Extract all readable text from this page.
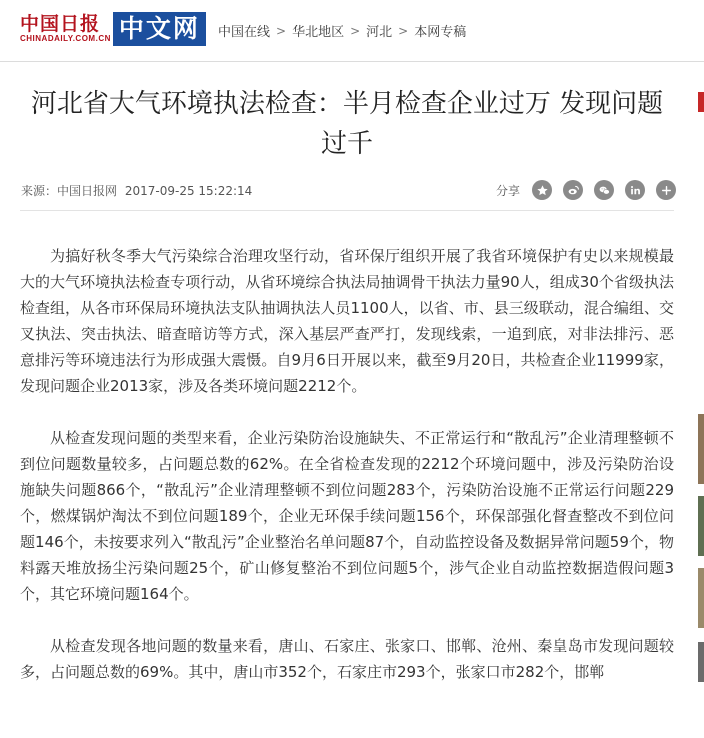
中国日报
CHINADAILY.COM.CN 中文网	中国在线 > 华北地区 > 河北 > 本网专稿
河北省大气环境执法检查：半月检查企业过万 发现问题过千
来源：中国日报网 2017-09-25 15:22:14	分享

为搞好秋冬季大气污染综合治理攻坚行动，省环保厅组织开展了我省环境保护有史以来规模最大的大气环境执法检查专项行动，从省环境综合执法局抽调骨干执法力量90人，组成30个省级执法检查组，从各市环保局环境执法支队抽调执法人员1100人，以省、市、县三级联动，混合编组、交叉执法、突击执法、暗查暗访等方式，深入基层严查严打，发现线索，一追到底，对非法排污、恶意排污等环境违法行为形成强大震慑。自9月6日开展以来，截至9月20日，共检查企业11999家，发现问题企业2013家，涉及各类环境问题2212个。

从检查发现问题的类型来看，企业污染防治设施缺失、不正常运行和“散乱污”企业清理整顿不到位问题数量较多，占问题总数的62%。在全省检查发现的2212个环境问题中，涉及污染防治设施缺失问题866个，“散乱污”企业清理整顿不到位问题283个，污染防治设施不正常运行问题229个，燃煤锅炉淘汰不到位问题189个，企业无环保手续问题156个，环保部强化督查整改不到位问题146个，未按要求列入“散乱污”企业整治名单问题87个，自动监控设备及数据异常问题59个，物料露天堆放扬尘污染问题25个，矿山修复整治不到位问题5个，涉气企业自动监控数据造假问题3个，其它环境问题164个。

从检查发现各地问题的数量来看，唐山、石家庄、张家口、邯郸、沧州、秦皇岛市发现问题较多，占问题总数的69%。其中，唐山市352个，石家庄市293个，张家口市282个，邯郸
